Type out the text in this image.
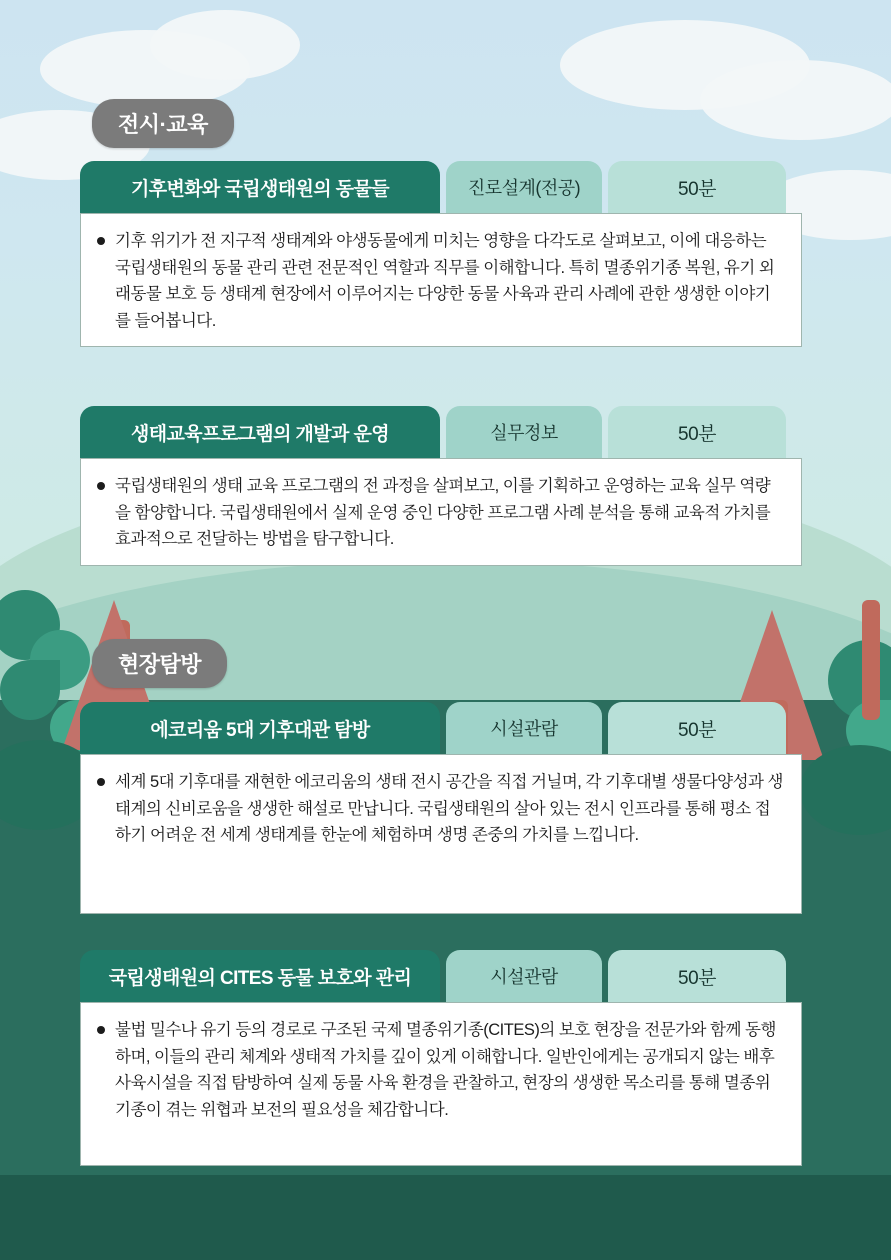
전시·교육
기후변화와 국립생태원의 동물들	진로설계(전공)	50분
기후 위기가 전 지구적 생태계와 야생동물에게 미치는 영향을 다각도로 살펴보고, 이에 대응하는 국립생태원의 동물 관리 관련 전문적인 역할과 직무를 이해합니다. 특히 멸종위기종 복원, 유기 외래동물 보호 등 생태계 현장에서 이루어지는 다양한 동물 사육과 관리 사례에 관한 생생한 이야기를 들어봅니다.
생태교육프로그램의 개발과 운영	실무정보	50분
국립생태원의 생태 교육 프로그램의 전 과정을 살펴보고, 이를 기획하고 운영하는 교육 실무 역량을 함양합니다. 국립생태원에서 실제 운영 중인 다양한 프로그램 사례 분석을 통해 교육적 가치를 효과적으로 전달하는 방법을 탐구합니다.
현장탐방
에코리움 5대 기후대관 탐방	시설관람	50분
세계 5대 기후대를 재현한 에코리움의 생태 전시 공간을 직접 거닐며, 각 기후대별 생물다양성과 생태계의 신비로움을 생생한 해설로 만납니다. 국립생태원의 살아 있는 전시 인프라를 통해 평소 접하기 어려운 전 세계 생태계를 한눈에 체험하며 생명 존중의 가치를 느낍니다.
국립생태원의 CITES 동물 보호와 관리	시설관람	50분
불법 밀수나 유기 등의 경로로 구조된 국제 멸종위기종(CITES)의 보호 현장을 전문가와 함께 동행하며, 이들의 관리 체계와 생태적 가치를 깊이 있게 이해합니다. 일반인에게는 공개되지 않는 배후 사육시설을 직접 탐방하여 실제 동물 사육 환경을 관찰하고, 현장의 생생한 목소리를 통해 멸종위기종이 겪는 위협과 보전의 필요성을 체감합니다.
